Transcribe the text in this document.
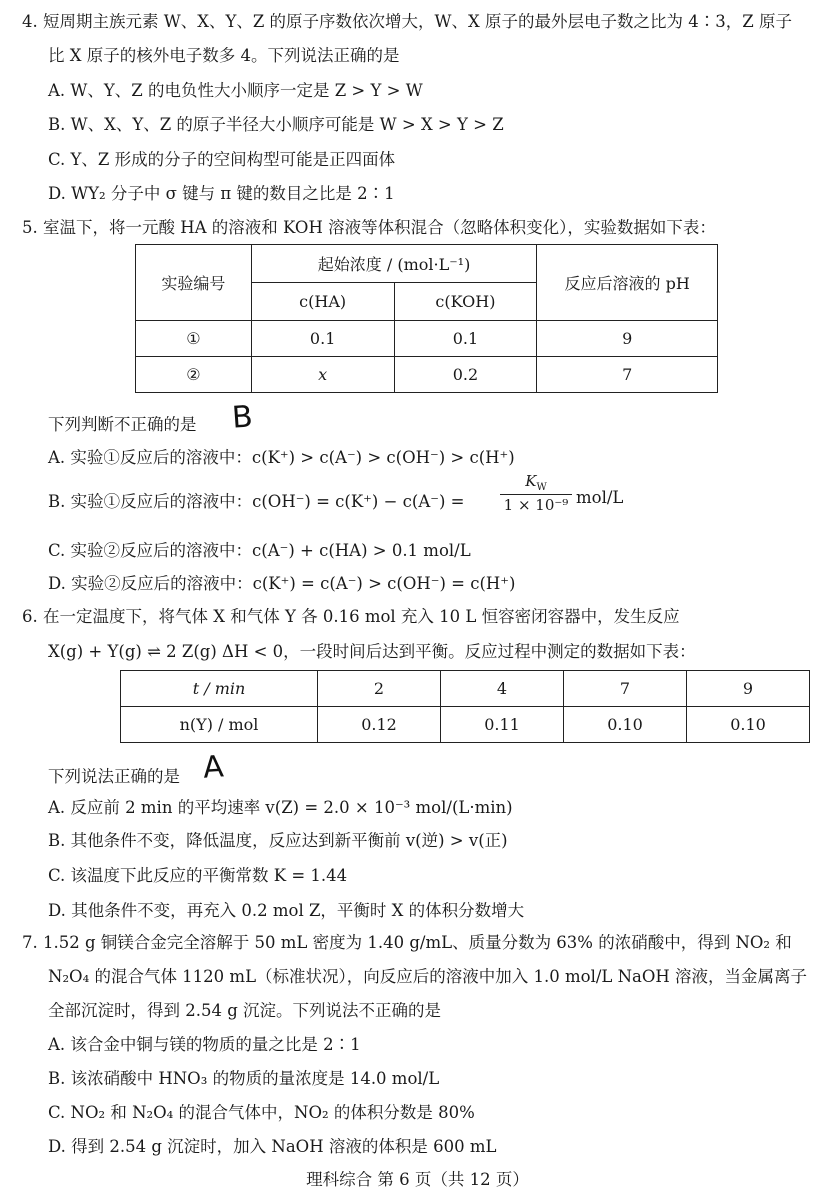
4. 短周期主族元素 W、X、Y、Z 的原子序数依次增大，W、X 原子的最外层电子数之比为 4∶3，Z 原子
比 X 原子的核外电子数多 4。下列说法正确的是
A. W、Y、Z 的电负性大小顺序一定是 Z > Y > W
B. W、X、Y、Z 的原子半径大小顺序可能是 W > X > Y > Z
C. Y、Z 形成的分子的空间构型可能是正四面体
D. WY₂ 分子中 σ 键与 π 键的数目之比是 2∶1
5. 室温下，将一元酸 HA 的溶液和 KOH 溶液等体积混合（忽略体积变化），实验数据如下表：
实验编号	起始浓度 / (mol·L⁻¹)		反应后溶液的 pH
	c(HA)	c(KOH)	
①	0.1	0.1	9
②	x	0.2	7
下列判断不正确的是 B
A. 实验①反应后的溶液中：c(K⁺) > c(A⁻) > c(OH⁻) > c(H⁺)
B. 实验①反应后的溶液中：c(OH⁻) = c(K⁺) − c(A⁻) =
$K_W$
1 × 10⁻⁹ mol/L
C. 实验②反应后的溶液中：c(A⁻) + c(HA) > 0.1 mol/L
D. 实验②反应后的溶液中：c(K⁺) = c(A⁻) > c(OH⁻) = c(H⁺)
6. 在一定温度下，将气体 X 和气体 Y 各 0.16 mol 充入 10 L 恒容密闭容器中，发生反应
X(g) + Y(g) ⇌ 2 Z(g) ΔH < 0，一段时间后达到平衡。反应过程中测定的数据如下表：
t / min	2	4	7	9
n(Y) / mol	0.12	0.11	0.10	0.10
下列说法正确的是 A
A. 反应前 2 min 的平均速率 v(Z) = 2.0 × 10⁻³ mol/(L·min)
B. 其他条件不变，降低温度，反应达到新平衡前 v(逆) > v(正)
C. 该温度下此反应的平衡常数 K = 1.44
D. 其他条件不变，再充入 0.2 mol Z，平衡时 X 的体积分数增大
7. 1.52 g 铜镁合金完全溶解于 50 mL 密度为 1.40 g/mL、质量分数为 63% 的浓硝酸中，得到 NO₂ 和
N₂O₄ 的混合气体 1120 mL（标准状况），向反应后的溶液中加入 1.0 mol/L NaOH 溶液，当金属离子
全部沉淀时，得到 2.54 g 沉淀。下列说法不正确的是
A. 该合金中铜与镁的物质的量之比是 2∶1
B. 该浓硝酸中 HNO₃ 的物质的量浓度是 14.0 mol/L
C. NO₂ 和 N₂O₄ 的混合气体中，NO₂ 的体积分数是 80%
D. 得到 2.54 g 沉淀时，加入 NaOH 溶液的体积是 600 mL
理科综合 第 6 页（共 12 页）
